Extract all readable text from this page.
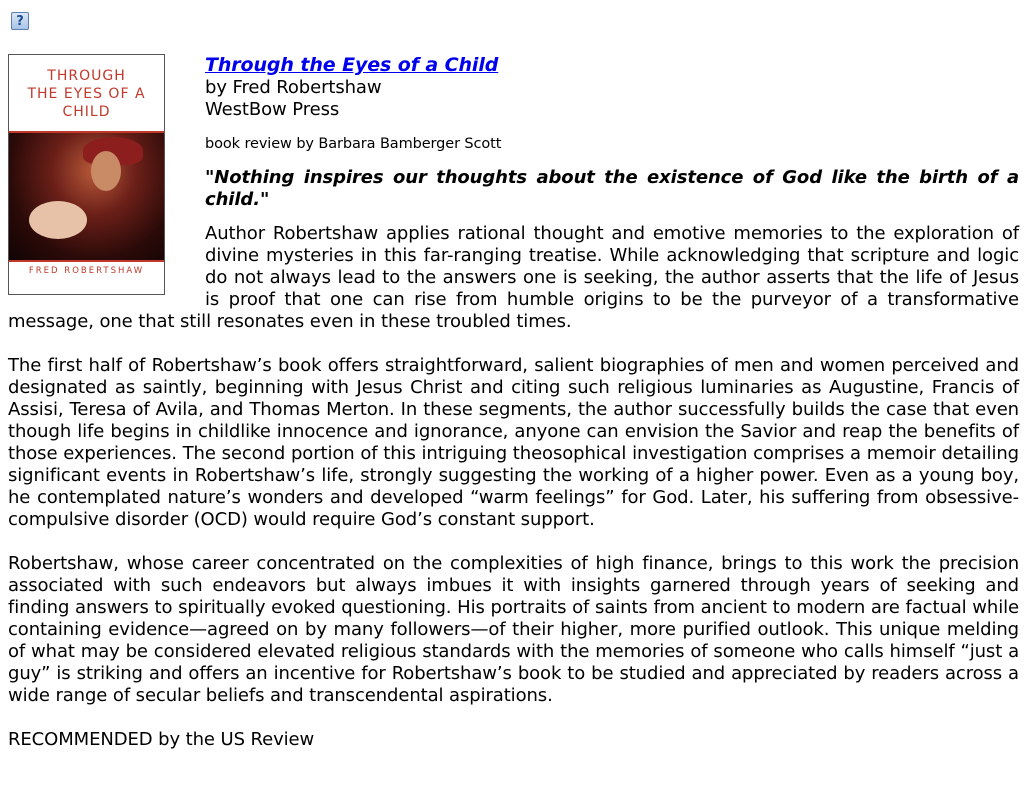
?
THROUGH
THE EYES OF A
CHILD
FRED ROBERTSHAW
Through the Eyes of a Child
by Fred Robertshaw
WestBow Press
book review by Barbara Bamberger Scott
"Nothing inspires our thoughts about the existence of God like the birth of a child."

Author Robertshaw applies rational thought and emotive memories to the exploration of divine mysteries in this far-ranging treatise. While acknowledging that scripture and logic do not always lead to the answers one is seeking, the author asserts that the life of Jesus is proof that one can rise from humble origins to be the purveyor of a transformative message, one that still resonates even in these troubled times.

The first half of Robertshaw’s book offers straightforward, salient biographies of men and women perceived and designated as saintly, beginning with Jesus Christ and citing such religious luminaries as Augustine, Francis of Assisi, Teresa of Avila, and Thomas Merton. In these segments, the author successfully builds the case that even though life begins in childlike innocence and ignorance, anyone can envision the Savior and reap the benefits of those experiences. The second portion of this intriguing theosophical investigation comprises a memoir detailing significant events in Robertshaw’s life, strongly suggesting the working of a higher power. Even as a young boy, he contemplated nature’s wonders and developed “warm feelings” for God. Later, his suffering from obsessive-compulsive disorder (OCD) would require God’s constant support.

Robertshaw, whose career concentrated on the complexities of high finance, brings to this work the precision associated with such endeavors but always imbues it with insights garnered through years of seeking and finding answers to spiritually evoked questioning. His portraits of saints from ancient to modern are factual while containing evidence—agreed on by many followers—of their higher, more purified outlook. This unique melding of what may be considered elevated religious standards with the memories of someone who calls himself “just a guy” is striking and offers an incentive for Robertshaw’s book to be studied and appreciated by readers across a wide range of secular beliefs and transcendental aspirations.

RECOMMENDED by the US Review
